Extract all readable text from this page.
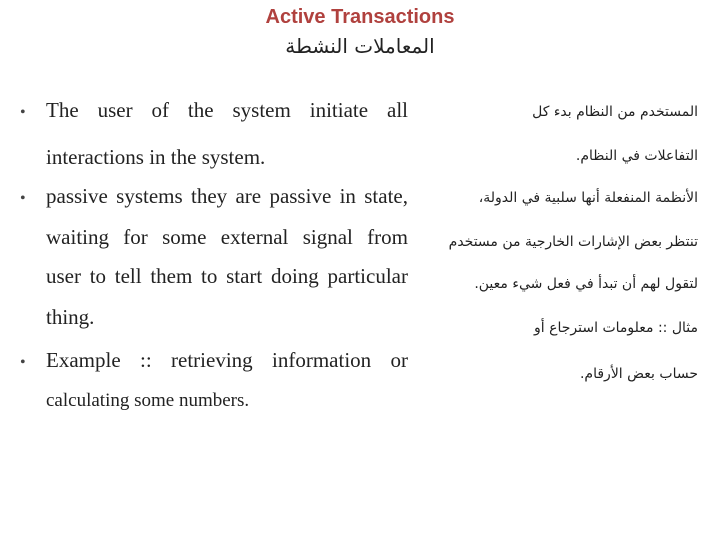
Active Transactions
المعاملات النشطة
• The user of the system initiate all
interactions in the system.
• passive systems they are passive in state,
waiting for some external signal from
user to tell them to start doing particular
thing.
• Example :: retrieving information or
calculating some numbers.
المستخدم من النظام بدء كل
التفاعلات في النظام.
الأنظمة المنفعلة أنها سلبية في الدولة،
تنتظر بعض الإشارات الخارجية من مستخدم
لتقول لهم أن تبدأ في فعل شيء معين.
مثال :: معلومات استرجاع أو
حساب بعض الأرقام.
